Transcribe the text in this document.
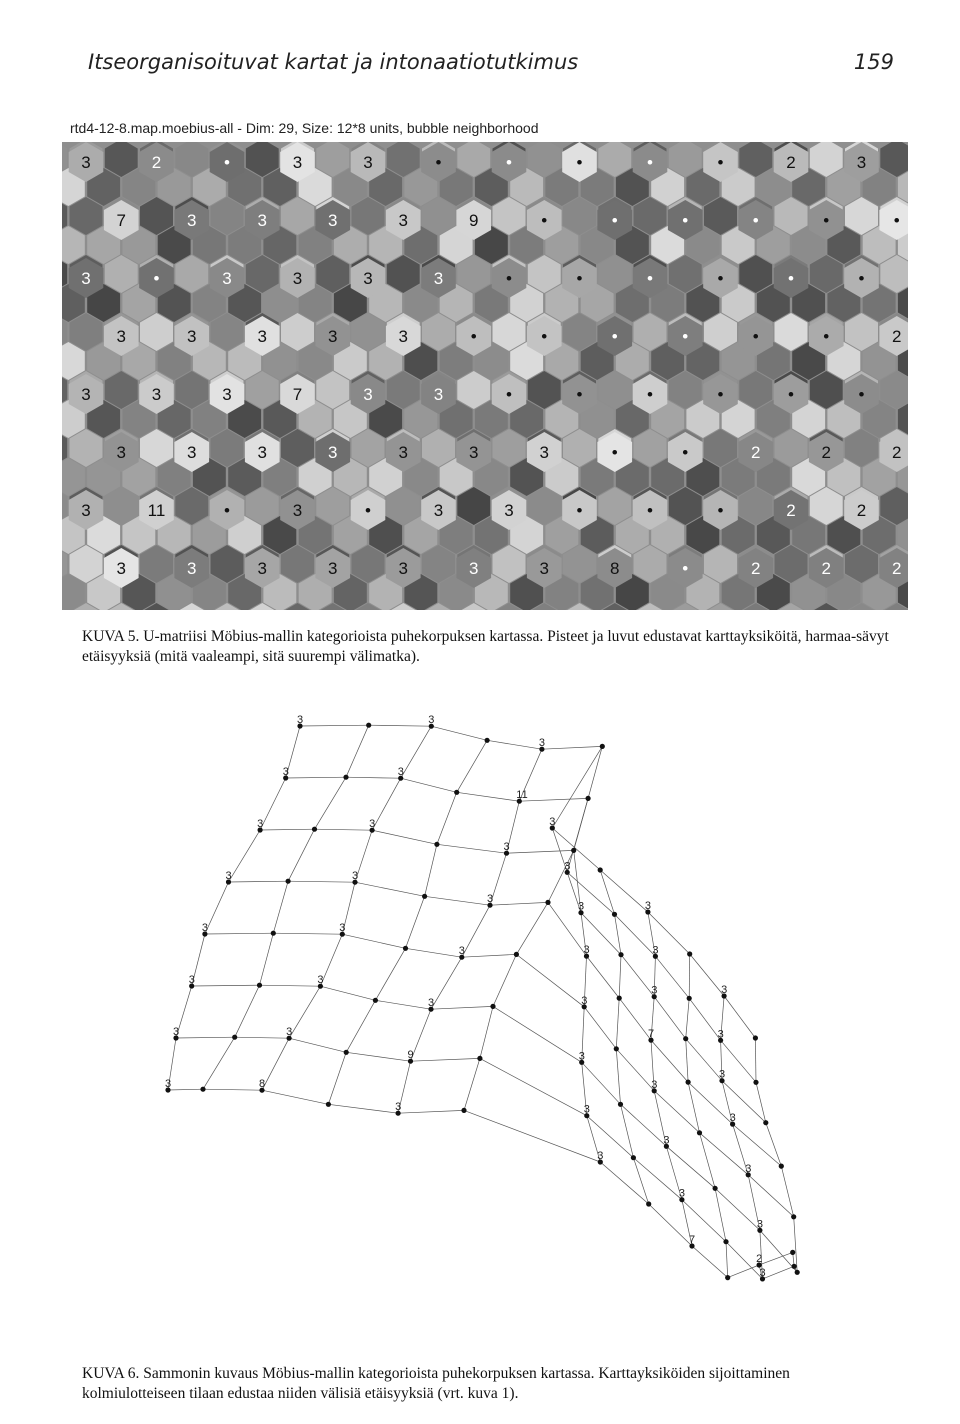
Itseorganisoituvat kartat ja intonaatiotutkimus	159
rtd4-12-8.map.moebius-all - Dim: 29, Size: 12*8 units, bubble neighborhood
3	2	•	3	3	•	•	•	•	•	2	3
7	3	3	3	3	9	•	•	•	•	•	•
3	•	3	3	3	3	•	•	•	•	•	•
3	3	3	3	3	•	•	•	•	•	•	2
3	3	3	7	3	3	•	•	•	•	•	•
3	3	3	3	3	3	3	•	•	2	2	2
3	11	•	3	•	3	3	•	•	•	2	2
3	3	3	3	3	3	3	8	•	2	2	2
KUVA 5. U-matriisi Möbius-mallin kategorioista puhekorpuksen kartassa. Pisteet ja luvut edustavat karttayksiköitä, harmaa-sävyt etäisyyksiä (mitä vaaleampi, sitä suurempi välimatka).
3	3
3
3
3
3
3	3
11
3
3
3
3	3
3
3
3
3
3	3
3
3
7
3
3	3
3
3
3
3
3	3
3
3
3
3
3	3
9
3
3
3
3	8
3
3
7
2
KUVA 6. Sammonin kuvaus Möbius-mallin kategorioista puhekorpuksen kartassa. Karttayksiköiden sijoittaminen kolmiulotteiseen tilaan edustaa niiden välisiä etäisyyksiä (vrt. kuva 1).
